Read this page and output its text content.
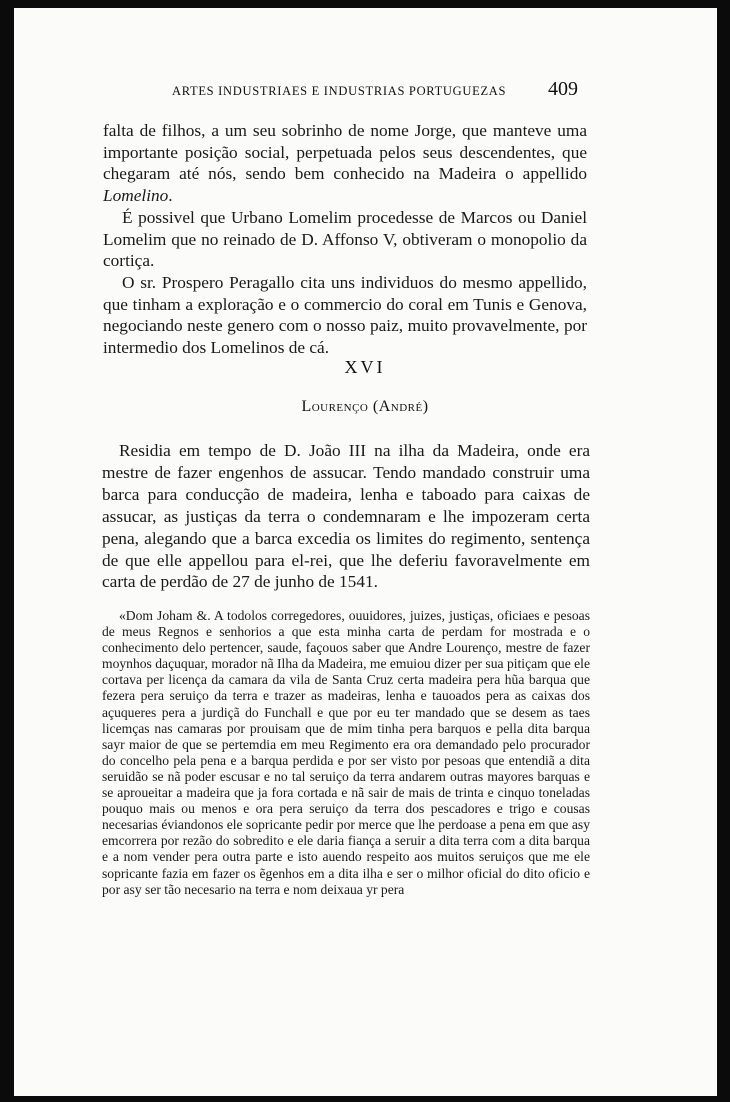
ARTES INDUSTRIAES E INDUSTRIAS PORTUGUEZAS 409

falta de filhos, a um seu sobrinho de nome Jorge, que manteve uma importante posição social, perpetuada pelos seus descendentes, que chegaram até nós, sendo bem conhecido na Madeira o appellido Lomelino.

É possivel que Urbano Lomelim procedesse de Marcos ou Daniel Lomelim que no reinado de D. Affonso V, obtiveram o monopolio da cortiça.

O sr. Prospero Peragallo cita uns individuos do mesmo appellido, que tinham a exploração e o commercio do coral em Tunis e Genova, negociando neste genero com o nosso paiz, muito provavelmente, por intermedio dos Lomelinos de cá.

XVI
Lourenço (André)

Residia em tempo de D. João III na ilha da Madeira, onde era mestre de fazer engenhos de assucar. Tendo mandado construir uma barca para conducção de madeira, lenha e taboado para caixas de assucar, as justiças da terra o condemnaram e lhe impozeram certa pena, alegando que a barca excedia os limites do regimento, sentença de que elle appellou para el-rei, que lhe deferiu favoravelmente em carta de perdão de 27 de junho de 1541.

«Dom Joham &. A todolos corregedores, ouuidores, juizes, justiças, oficiaes e pesoas de meus Regnos e senhorios a que esta minha carta de perdam for mostrada e o conhecimento delo pertencer, saude, façouos saber que Andre Lourenço, mestre de fazer moynhos daçuquar, morador nã Ilha da Madeira, me emuiou dizer per sua pitiçam que ele cortava per licença da camara da vila de Santa Cruz certa madeira pera hũa barqua que fezera pera seruiço da terra e trazer as madeiras, lenha e tauoados pera as caixas dos açuqueres pera a jurdiçã do Funchall e que por eu ter mandado que se desem as taes licemças nas camaras por prouisam que de mim tinha pera barquos e pella dita barqua sayr maior de que se pertemdia em meu Regimento era ora demandado pelo procurador do concelho pela pena e a barqua perdida e por ser visto por pesoas que entendiã a dita seruidão se nã poder escusar e no tal seruiço da terra andarem outras mayores barquas e se aproueitar a madeira que ja fora cortada e nã sair de mais de trinta e cinquo toneladas pouquo mais ou menos e ora pera seruiço da terra dos pescadores e trigo e cousas necesarias éviandonos ele sopricante pedir por merce que lhe perdoase a pena em que asy emcorrera por rezão do sobredito e ele daria fiança a seruir a dita terra com a dita barqua e a nom vender pera outra parte e isto auendo respeito aos muitos seruiços que me ele sopricante fazia em fazer os ẽgenhos em a dita ilha e ser o milhor oficial do dito oficio e por asy ser tão necesario na terra e nom deixaua yr pera
